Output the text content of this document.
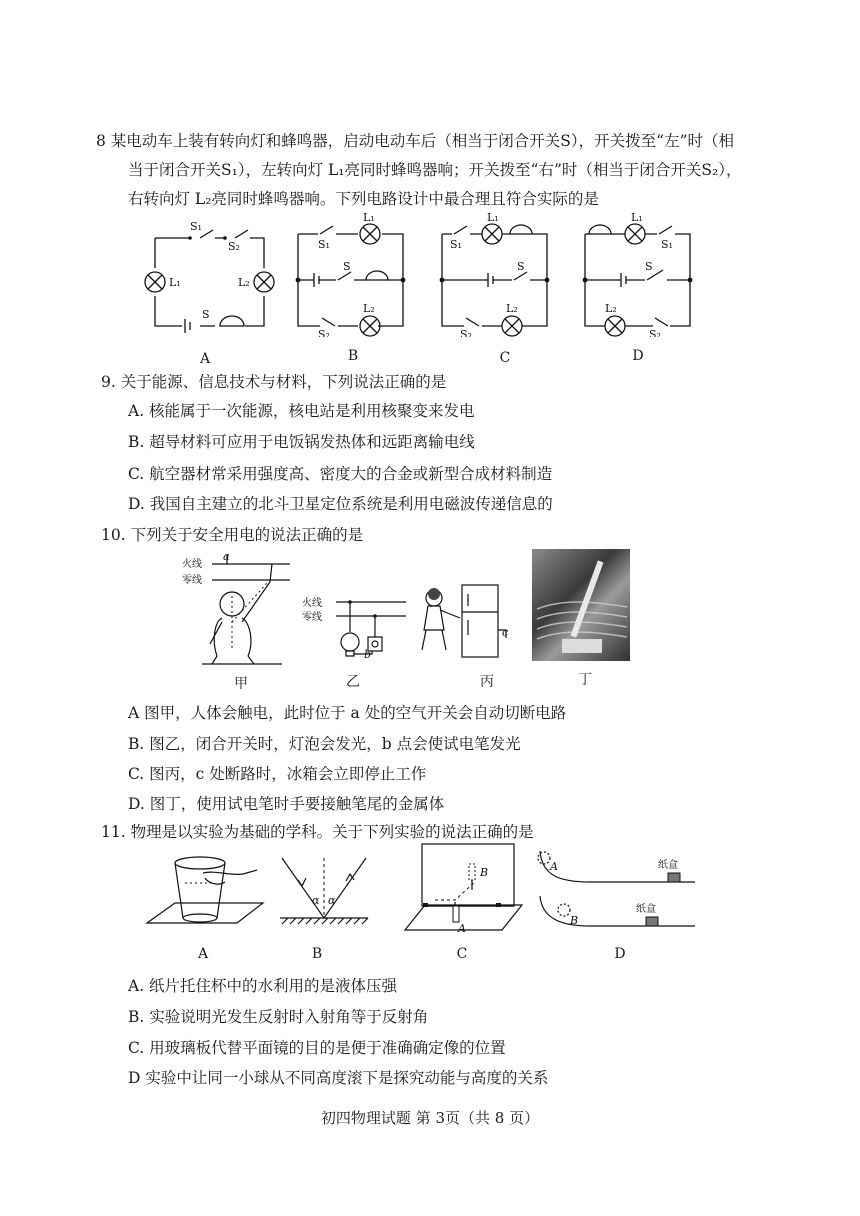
8 某电动车上装有转向灯和蜂鸣器，启动电动车后（相当于闭合开关S），开关拨至“左”时（相
当于闭合开关S₁），左转向灯 L₁亮同时蜂鸣器响；开关拨至“右”时（相当于闭合开关S₂），
右转向灯 L₂亮同时蜂鸣器响。下列电路设计中最合理且符合实际的是
S₁
S₂
L₁	L₂
S
A
S₁
L₁
S
S₂
L₂
B
S₁
L₁
S
S₂
L₂
C
L₁
S₁
S
L₂
S₂
D
9. 关于能源、信息技术与材料，下列说法正确的是
A. 核能属于一次能源，核电站是利用核聚变来发电
B. 超导材料可应用于电饭锅发热体和远距离输电线
C. 航空器材常采用强度高、密度大的合金或新型合成材料制造
D. 我国自主建立的北斗卫星定位系统是利用电磁波传递信息的
10. 下列关于安全用电的说法正确的是
火线
零线
a
甲
火线
零线
b
乙
c
丙	丁
A 图甲，人体会触电，此时位于 a 处的空气开关会自动切断电路
B. 图乙，闭合开关时，灯泡会发光，b 点会使试电笔发光
C. 图丙，c 处断路时，冰箱会立即停止工作
D. 图丁，使用试电笔时手要接触笔尾的金属体
11. 物理是以实验为基础的学科。关于下列实验的说法正确的是
A
α α
B
B
A
C
A
B
纸盒
纸盒
D
A. 纸片托住杯中的水利用的是液体压强
B. 实验说明光发生反射时入射角等于反射角
C. 用玻璃板代替平面镜的目的是便于准确确定像的位置
D 实验中让同一小球从不同高度滚下是探究动能与高度的关系
初四物理试题 第 3页（共 8 页）
